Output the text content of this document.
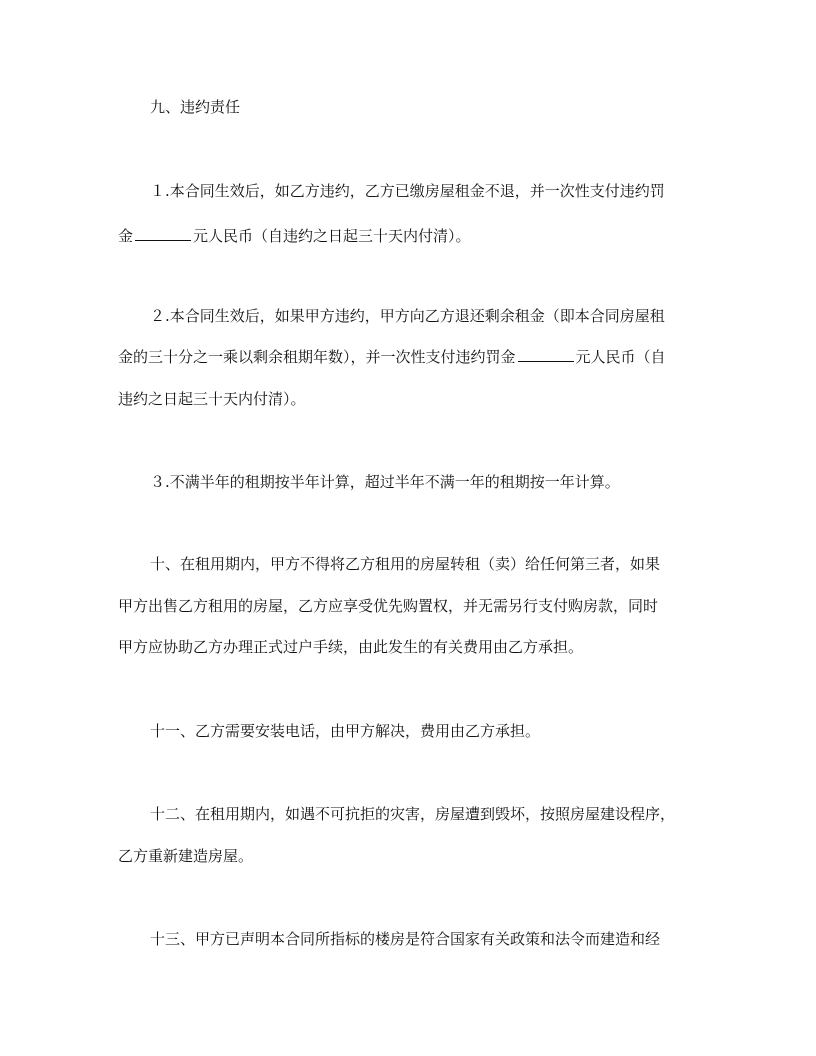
九、违约责任
１.本合同生效后，如乙方违约，乙方已缴房屋租金不退，并一次性支付违约罚
金	元人民币（自违约之日起三十天内付清）。
２.本合同生效后，如果甲方违约，甲方向乙方退还剩余租金（即本合同房屋租
金的三十分之一乘以剩余租期年数），并一次性支付违约罚金	元人民币（自
违约之日起三十天内付清）。
３.不满半年的租期按半年计算，超过半年不满一年的租期按一年计算。
十、在租用期内，甲方不得将乙方租用的房屋转租（卖）给任何第三者，如果
甲方出售乙方租用的房屋，乙方应享受优先购置权，并无需另行支付购房款，同时
甲方应协助乙方办理正式过户手续，由此发生的有关费用由乙方承担。
十一、乙方需要安装电话，由甲方解决，费用由乙方承担。
十二、在租用期内，如遇不可抗拒的灾害，房屋遭到毁坏，按照房屋建设程序，
乙方重新建造房屋。
十三、甲方已声明本合同所指标的楼房是符合国家有关政策和法令而建造和经
